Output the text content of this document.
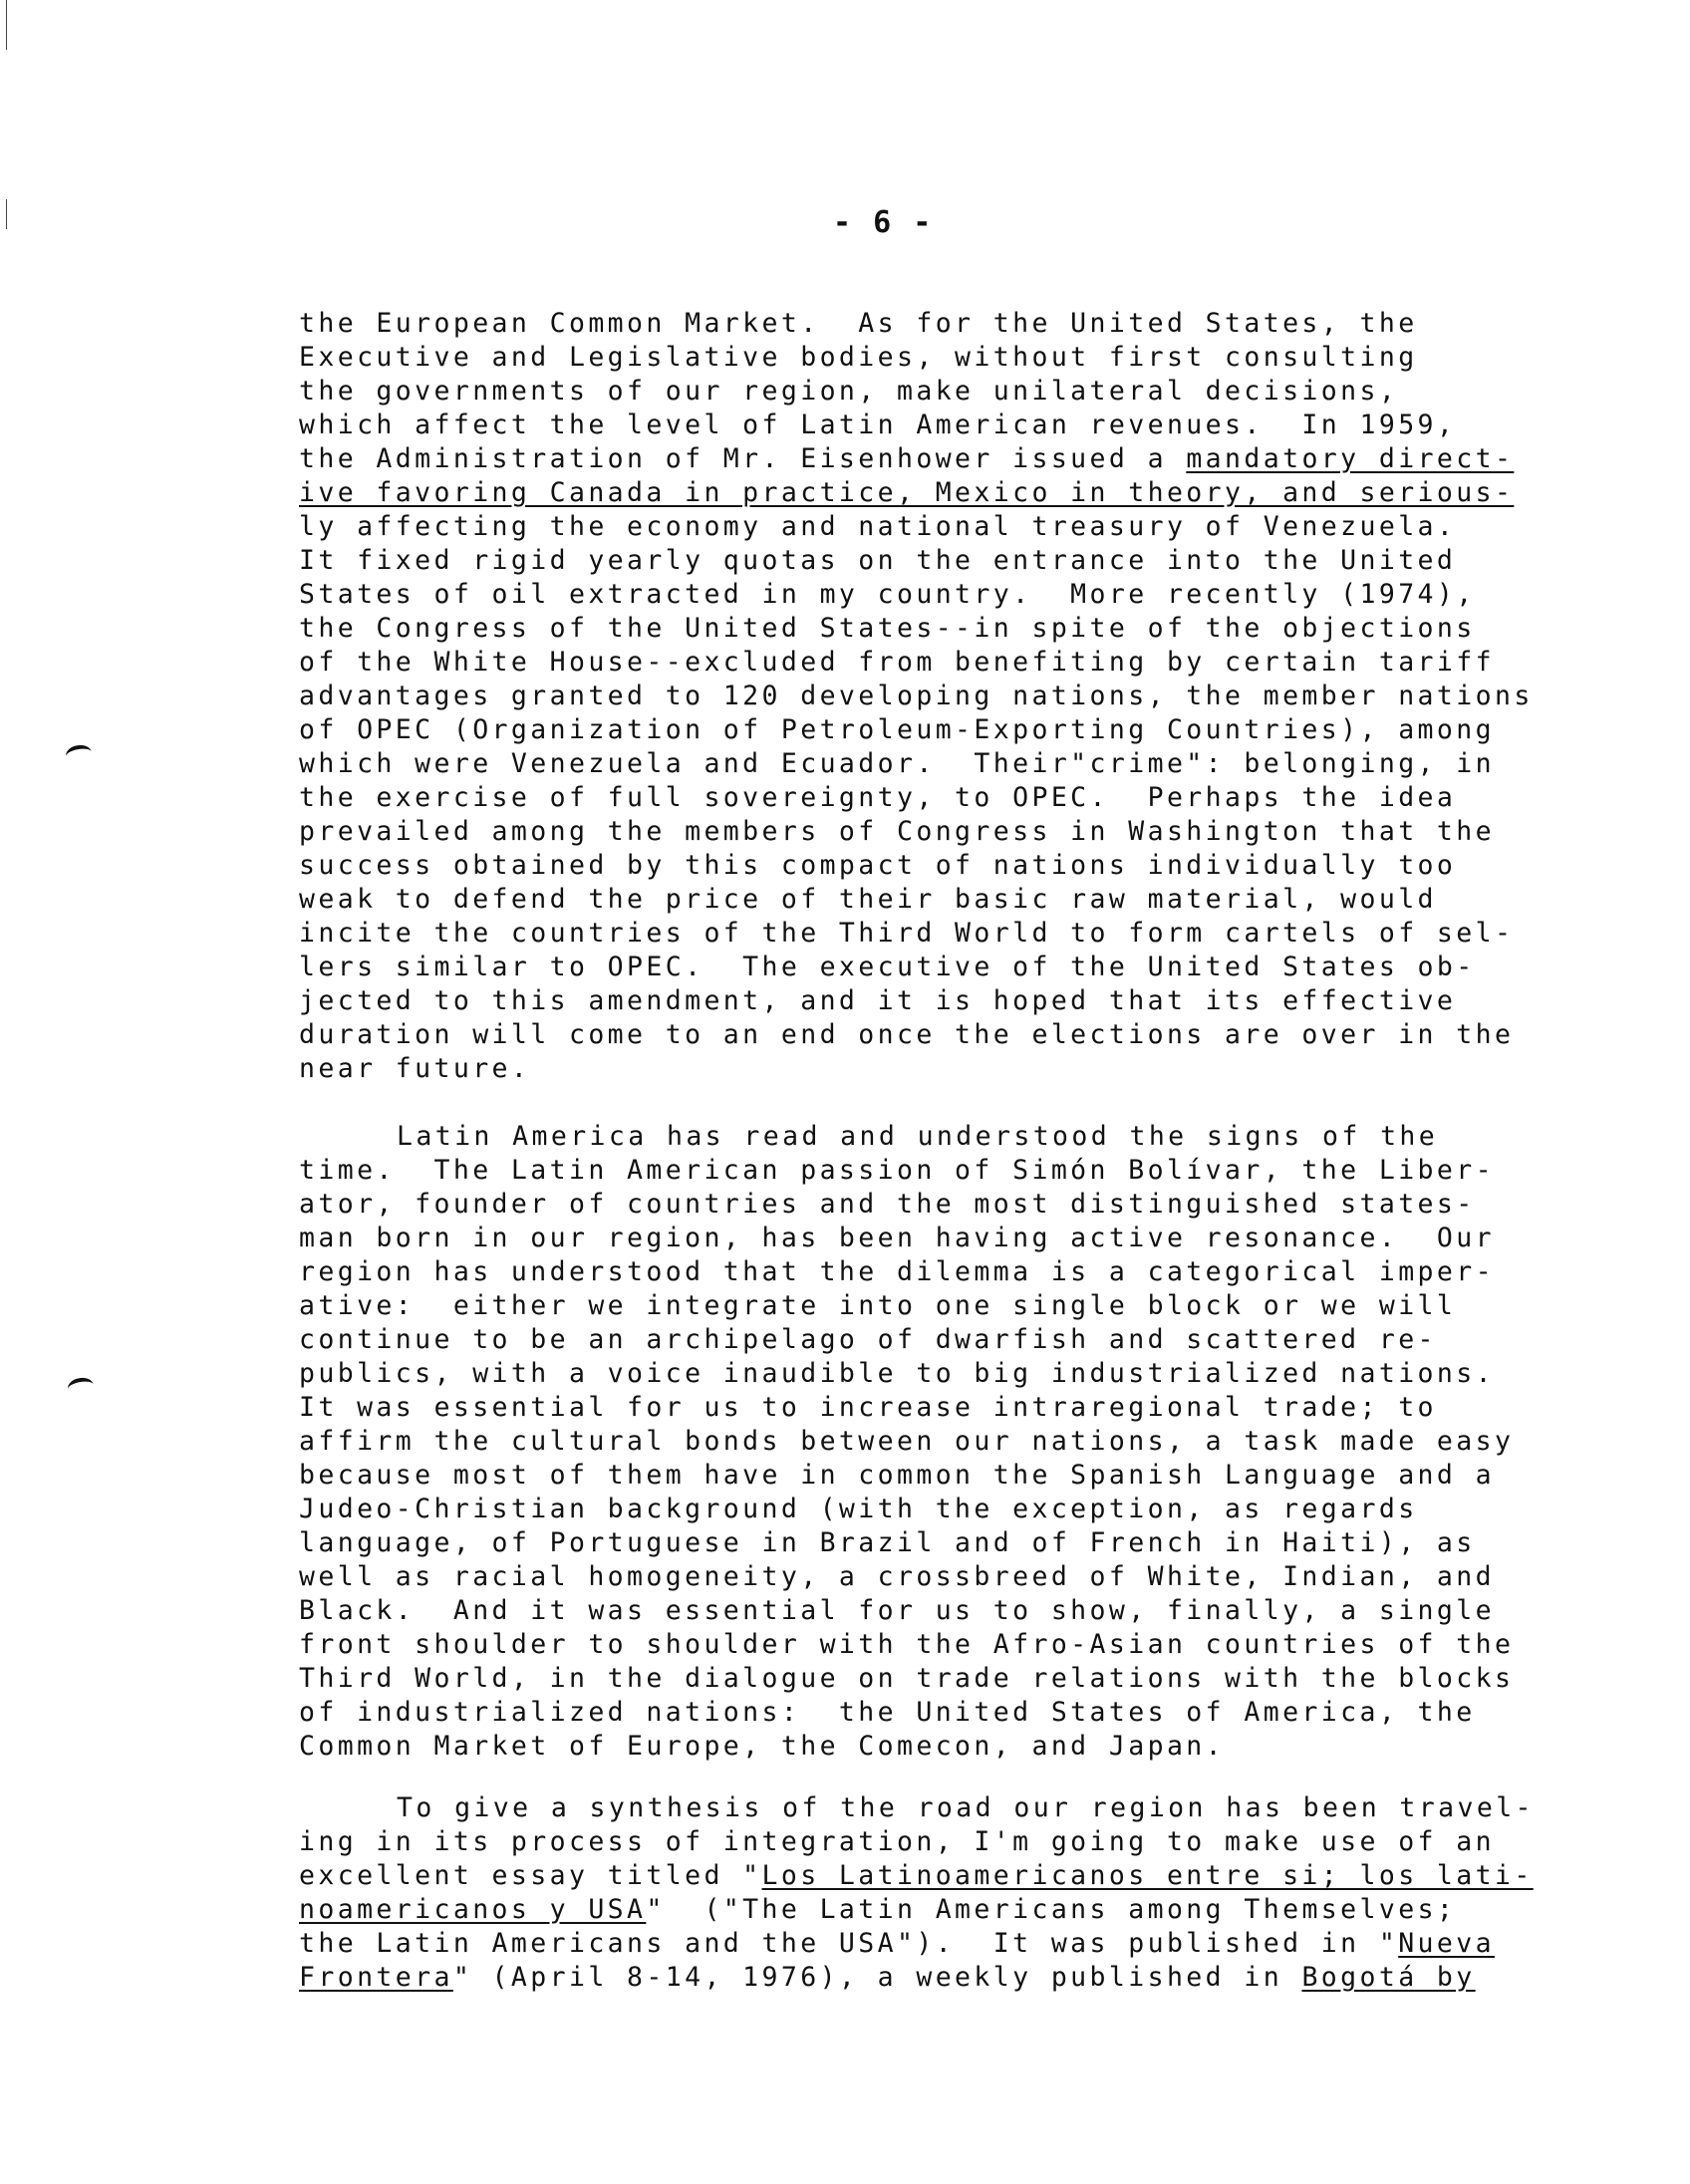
- 6 -
the European Common Market.  As for the United States, the
Executive and Legislative bodies, without first consulting
the governments of our region, make unilateral decisions,
which affect the level of Latin American revenues.  In 1959,
the Administration of Mr. Eisenhower issued a mandatory direct-
ive favoring Canada in practice, Mexico in theory, and serious-
ly affecting the economy and national treasury of Venezuela.
It fixed rigid yearly quotas on the entrance into the United
States of oil extracted in my country.  More recently (1974),
the Congress of the United States--in spite of the objections
of the White House--excluded from benefiting by certain tariff
advantages granted to 120 developing nations, the member nations
of OPEC (Organization of Petroleum-Exporting Countries), among
which were Venezuela and Ecuador.  Their"crime": belonging, in
the exercise of full sovereignty, to OPEC.  Perhaps the idea
prevailed among the members of Congress in Washington that the
success obtained by this compact of nations individually too
weak to defend the price of their basic raw material, would
incite the countries of the Third World to form cartels of sel-
lers similar to OPEC.  The executive of the United States ob-
jected to this amendment, and it is hoped that its effective
duration will come to an end once the elections are over in the
near future.
Latin America has read and understood the signs of the
time.  The Latin American passion of Simón Bolívar, the Liber-
ator, founder of countries and the most distinguished states-
man born in our region, has been having active resonance.  Our
region has understood that the dilemma is a categorical imper-
ative:  either we integrate into one single block or we will
continue to be an archipelago of dwarfish and scattered re-
publics, with a voice inaudible to big industrialized nations.
It was essential for us to increase intraregional trade; to
affirm the cultural bonds between our nations, a task made easy
because most of them have in common the Spanish Language and a
Judeo-Christian background (with the exception, as regards
language, of Portuguese in Brazil and of French in Haiti), as
well as racial homogeneity, a crossbreed of White, Indian, and
Black.  And it was essential for us to show, finally, a single
front shoulder to shoulder with the Afro-Asian countries of the
Third World, in the dialogue on trade relations with the blocks
of industrialized nations:  the United States of America, the
Common Market of Europe, the Comecon, and Japan.
To give a synthesis of the road our region has been travel-
ing in its process of integration, I'm going to make use of an
excellent essay titled "Los Latinoamericanos entre si; los lati-
noamericanos y USA"  ("The Latin Americans among Themselves;
the Latin Americans and the USA").  It was published in "Nueva
Frontera" (April 8-14, 1976), a weekly published in Bogotá by
